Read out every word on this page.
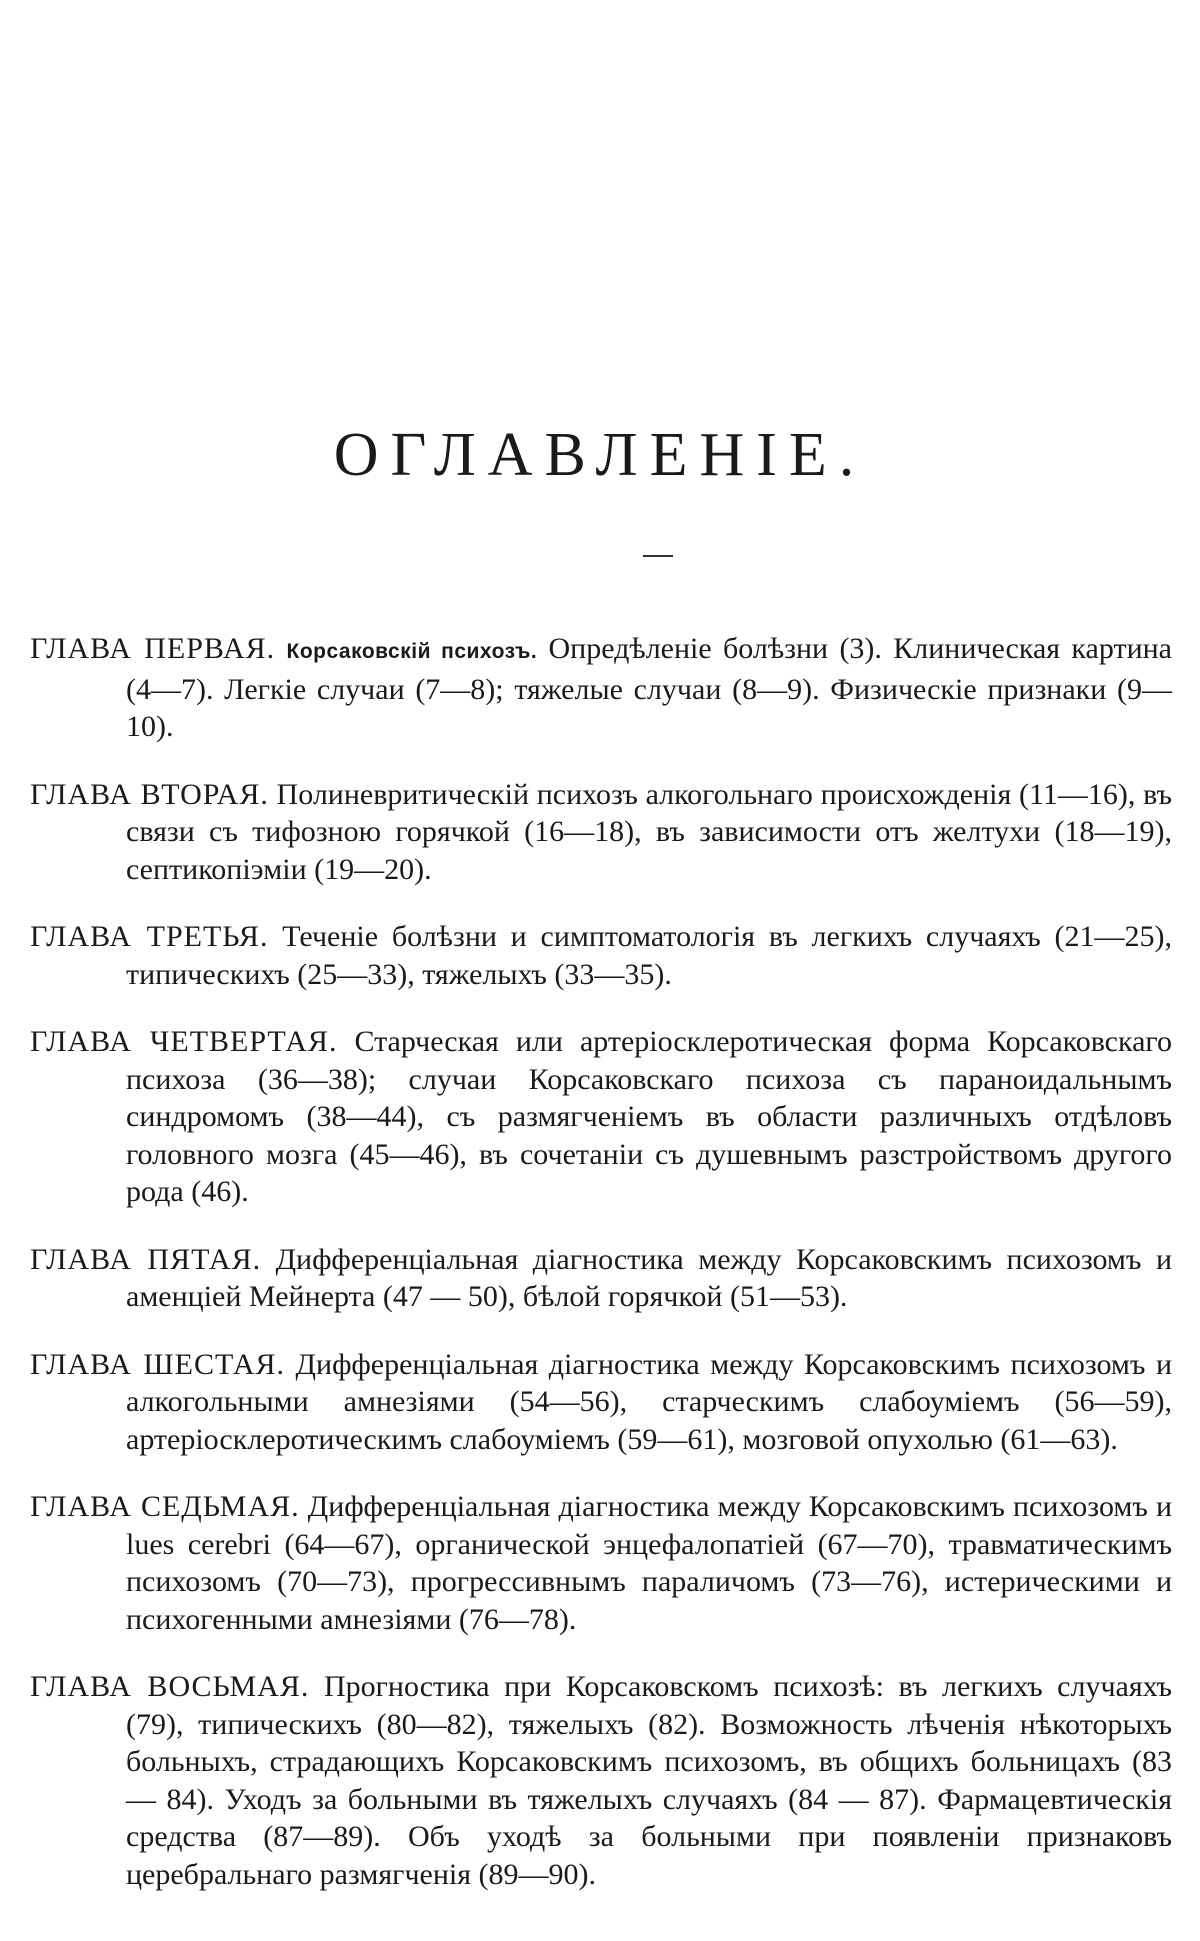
ОГЛАВЛЕНІЕ.

ГЛАВА ПЕРВАЯ. Корсаковскій психозъ. Опредѣленіе болѣзни (3). Клиническая картина (4—7). Легкіе случаи (7—8); тяжелые случаи (8—9). Физическіе признаки (9—10).

ГЛАВА ВТОРАЯ. Полиневритическій психозъ алкогольнаго происхожденія (11—16), въ связи съ тифозною горячкой (16—18), въ зависимости отъ желтухи (18—19), септикопіэміи (19—20).

ГЛАВА ТРЕТЬЯ. Теченіе болѣзни и симптоматологія въ легкихъ случаяхъ (21—25), типическихъ (25—33), тяжелыхъ (33—35).

ГЛАВА ЧЕТВЕРТАЯ. Старческая или артеріосклеротическая форма Корсаковскаго психоза (36—38); случаи Корсаковскаго психоза съ параноидальнымъ синдромомъ (38—44), съ размягченіемъ въ области различныхъ отдѣловъ головного мозга (45—46), въ сочетаніи съ душевнымъ разстройствомъ другого рода (46).

ГЛАВА ПЯТАЯ. Дифференціальная діагностика между Корсаковскимъ психозомъ и аменціей Мейнерта (47 — 50), бѣлой горячкой (51—53).

ГЛАВА ШЕСТАЯ. Дифференціальная діагностика между Корсаковскимъ психозомъ и алкогольными амнезіями (54—56), старческимъ слабоуміемъ (56—59), артеріосклеротическимъ слабоуміемъ (59—61), мозговой опухолью (61—63).

ГЛАВА СЕДЬМАЯ. Дифференціальная діагностика между Корсаковскимъ психозомъ и lues cerebri (64—67), органической энцефалопатіей (67—70), травматическимъ психозомъ (70—73), прогрессивнымъ параличомъ (73—76), истерическими и психогенными амнезіями (76—78).

ГЛАВА ВОСЬМАЯ. Прогностика при Корсаковскомъ психозѣ: въ легкихъ случаяхъ (79), типическихъ (80—82), тяжелыхъ (82). Возможность лѣченія нѣкоторыхъ больныхъ, страдающихъ Корсаковскимъ психозомъ, въ общихъ больницахъ (83 — 84). Уходъ за больными въ тяжелыхъ случаяхъ (84 — 87). Фармацевтическія средства (87—89). Объ уходѣ за больными при появленіи признаковъ церебральнаго размягченія (89—90).
